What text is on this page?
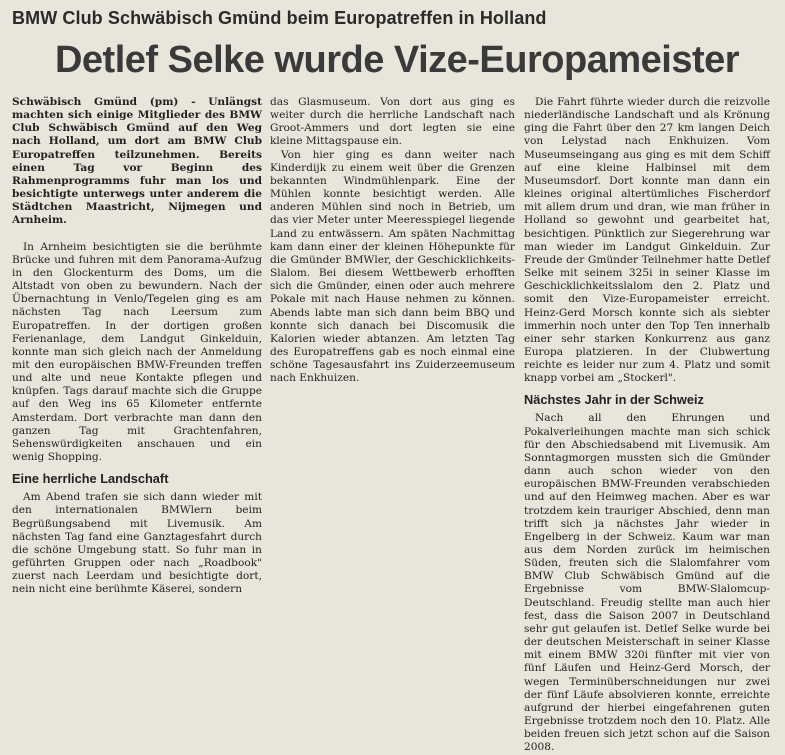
BMW Club Schwäbisch Gmünd beim Europatreffen in Holland
Detlef Selke wurde Vize-Europameister

Schwäbisch Gmünd (pm) - Unlängst machten sich einige Mitglieder des BMW Club Schwäbisch Gmünd auf den Weg nach Holland, um dort am BMW Club Europatreffen teilzunehmen. Bereits einen Tag vor Beginn des Rahmenprogramms fuhr man los und besichtigte unterwegs unter anderem die Städtchen Maastricht, Nijmegen und Arnheim.

In Arnheim besichtigten sie die berühmte Brücke und fuhren mit dem Panorama-Aufzug in den Glockenturm des Doms, um die Altstadt von oben zu bewundern. Nach der Übernachtung in Venlo/Tegelen ging es am nächsten Tag nach Leersum zum Europatreffen. In der dortigen großen Ferienanlage, dem Landgut Ginkelduin, konnte man sich gleich nach der Anmeldung mit den europäischen BMW-Freunden treffen und alte und neue Kontakte pflegen und knüpfen. Tags darauf machte sich die Gruppe auf den Weg ins 65 Kilometer entfernte Amsterdam. Dort verbrachte man dann den ganzen Tag mit Grachtenfahren, Sehenswürdigkeiten anschauen und ein wenig Shopping.

Eine herrliche Landschaft

Am Abend trafen sie sich dann wieder mit den internationalen BMWlern beim Begrüßungsabend mit Livemusik. Am nächsten Tag fand eine Ganztagesfahrt durch die schöne Umgebung statt. So fuhr man in geführten Gruppen oder nach „Roadbook" zuerst nach Leerdam und besichtigte dort, nein nicht eine berühmte Käserei, sondern

das Glasmuseum. Von dort aus ging es weiter durch die herrliche Landschaft nach Groot-Ammers und dort legten sie eine kleine Mittagspause ein.

Von hier ging es dann weiter nach Kinderdijk zu einem weit über die Grenzen bekannten Windmühlenpark. Eine der Mühlen konnte besichtigt werden. Alle anderen Mühlen sind noch in Betrieb, um das vier Meter unter Meeresspiegel liegende Land zu entwässern. Am späten Nachmittag kam dann einer der kleinen Höhepunkte für die Gmünder BMWler, der Geschicklichkeits-Slalom. Bei diesem Wettbewerb erhofften sich die Gmünder, einen oder auch mehrere Pokale mit nach Hause nehmen zu können. Abends labte man sich dann beim BBQ und konnte sich danach bei Discomusik die Kalorien wieder abtanzen. Am letzten Tag des Europatreffens gab es noch einmal eine schöne Tagesausfahrt ins Zuiderzeemuseum nach Enkhuizen.

Die Fahrt führte wieder durch die reizvolle niederländische Landschaft und als Krönung ging die Fahrt über den 27 km langen Deich von Lelystad nach Enkhuizen. Vom Museumseingang aus ging es mit dem Schiff auf eine kleine Halbinsel mit dem Museumsdorf. Dort konnte man dann ein kleines original altertümliches Fischerdorf mit allem drum und dran, wie man früher in Holland so gewohnt und gearbeitet hat, besichtigen. Pünktlich zur Siegerehrung war man wieder im Landgut Ginkelduin. Zur Freude der Gmünder Teilnehmer hatte Detlef Selke mit seinem 325i in seiner Klasse im Geschicklichkeitsslalom den 2. Platz und somit den Vize-Europameister erreicht. Heinz-Gerd Morsch konnte sich als siebter immerhin noch unter den Top Ten innerhalb einer sehr starken Konkurrenz aus ganz Europa platzieren. In der Clubwertung reichte es leider nur zum 4. Platz und somit knapp vorbei am „Stockerl".

Nächstes Jahr in der Schweiz

Nach all den Ehrungen und Pokalverleihungen machte man sich schick für den Abschiedsabend mit Livemusik. Am Sonntagmorgen mussten sich die Gmünder dann auch schon wieder von den europäischen BMW-Freunden verabschieden und auf den Heimweg machen. Aber es war trotzdem kein trauriger Abschied, denn man trifft sich ja nächstes Jahr wieder in Engelberg in der Schweiz. Kaum war man aus dem Norden zurück im heimischen Süden, freuten sich die Slalomfahrer vom BMW Club Schwäbisch Gmünd auf die Ergebnisse vom BMW-Slalomcup-Deutschland. Freudig stellte man auch hier fest, dass die Saison 2007 in Deutschland sehr gut gelaufen ist. Detlef Selke wurde bei der deutschen Meisterschaft in seiner Klasse mit einem BMW 320i fünfter mit vier von fünf Läufen und Heinz-Gerd Morsch, der wegen Terminüberschneidungen nur zwei der fünf Läufe absolvieren konnte, erreichte aufgrund der hierbei eingefahrenen guten Ergebnisse trotzdem noch den 10. Platz. Alle beiden freuen sich jetzt schon auf die Saison 2008.
